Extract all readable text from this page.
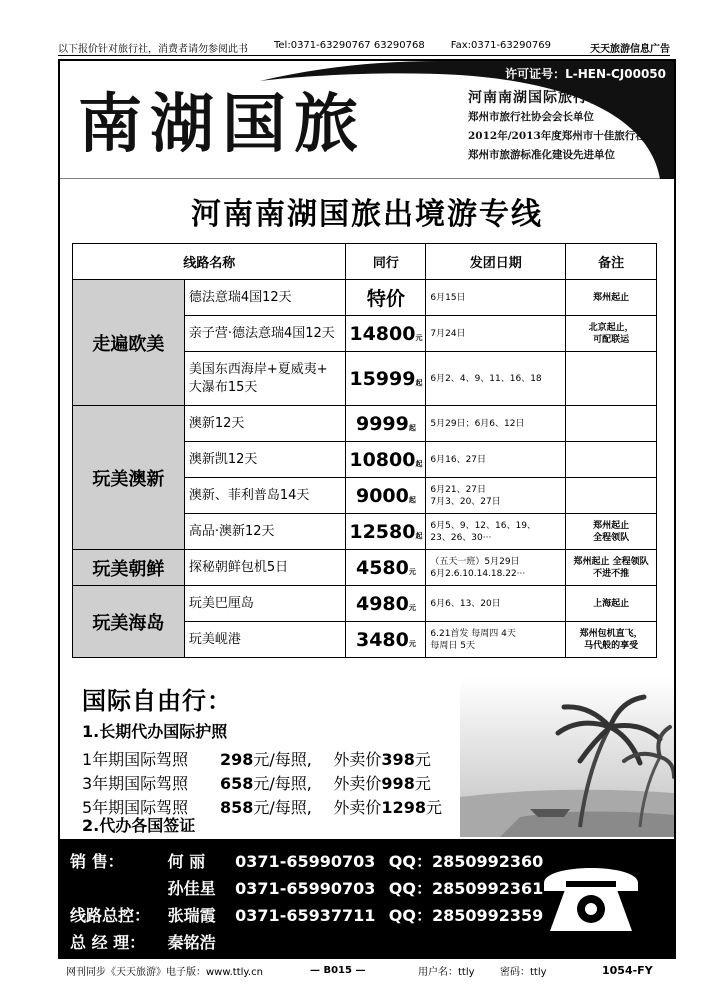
以下报价针对旅行社，消费者请勿参阅此书	Tel:0371-63290767 63290768	Fax:0371-63290769	天天旅游信息广告
南湖国旅
许可证号：L-HEN-CJ00050
河南南湖国际旅行社
郑州市旅行社协会会长单位
2012年/2013年度郑州市十佳旅行社
郑州市旅游标准化建设先进单位
河南南湖国旅出境游专线
线路名称		同行	发团日期	备注
走遍欧美	德法意瑞4国12天	特价	6月15日	郑州起止
	亲子营·德法意瑞4国12天	14800元	7月24日	北京起止，
可配联运
	美国东西海岸+夏威夷+
大瀑布15天	15999起	6月2、4、9、11、16、18	
玩美澳新	澳新12天	9999起	5月29日；6月6、12日	
	澳新凯12天	10800起	6月16、27日	
	澳新、菲利普岛14天	9000起	6月21、27日
7月3、20、27日	
	高品·澳新12天	12580起	6月5、9、12、16、19、
23、26、30···	郑州起止
全程领队
玩美朝鲜	探秘朝鲜包机5日	4580元	（五天一班）5月29日
6月2.6.10.14.18.22···	郑州起止 全程领队
不进不推
玩美海岛	玩美巴厘岛	4980元	6月6、13、20日	上海起止
	玩美岘港	3480元	6.21首发 每周四 4天
每周日 5天	郑州包机直飞，
马代般的享受
国际自由行：
1.长期代办国际护照
1年期国际驾照 298元/每照, 外卖价398元
3年期国际驾照 658元/每照, 外卖价998元
5年期国际驾照 858元/每照, 外卖价1298元
2.代办各国签证
销 售：	何 丽 0371-65990703 QQ：2850992360
孙佳星 0371-65990703 QQ：2850992361
线路总控： 张瑞霞 0371-65937711 QQ：2850992359
总 经 理： 秦铭浩
网刊同步《天天旅游》电子版：www.ttly.cn	— B015 —	用户名：ttly	密码：ttly	1054-FY
